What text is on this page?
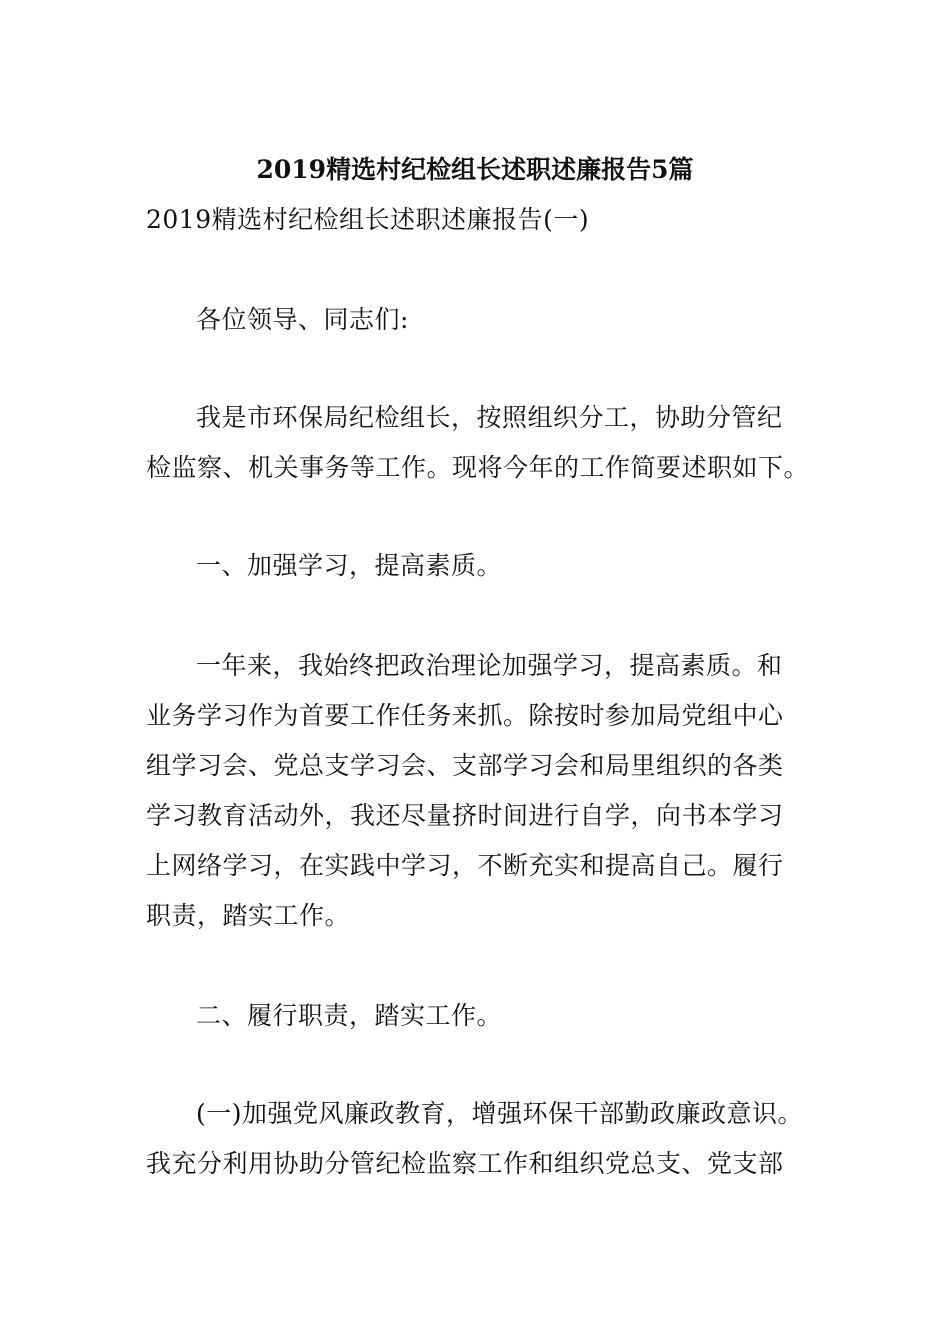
2019精选村纪检组长述职述廉报告5篇
2019精选村纪检组长述职述廉报告(一)
各位领导、同志们:
我是市环保局纪检组长，按照组织分工，协助分管纪
检监察、机关事务等工作。现将今年的工作简要述职如下。
一、加强学习，提高素质。
一年来，我始终把政治理论加强学习，提高素质。和
业务学习作为首要工作任务来抓。除按时参加局党组中心
组学习会、党总支学习会、支部学习会和局里组织的各类
学习教育活动外，我还尽量挤时间进行自学，向书本学习
上网络学习，在实践中学习，不断充实和提高自己。履行
职责，踏实工作。
二、履行职责，踏实工作。
(一)加强党风廉政教育，增强环保干部勤政廉政意识。
我充分利用协助分管纪检监察工作和组织党总支、党支部
